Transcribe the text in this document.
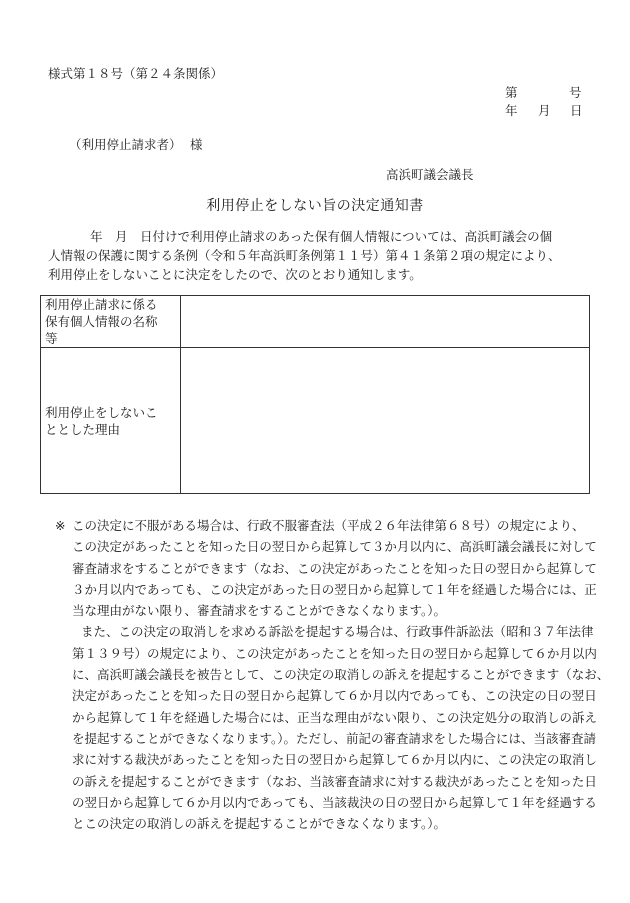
様式第１８号（第２４条関係）
第	号
年 月 日
（利用停止請求者） 様
高浜町議会議長
利用停止をしない旨の決定通知書
年　月　日付けで利用停止請求のあった保有個人情報については、高浜町議会の個
人情報の保護に関する条例（令和５年高浜町条例第１１号）第４１条第２項の規定により、
利用停止をしないことに決定をしたので、次のとおり通知します。
利用停止請求に係る
保有個人情報の名称
等	

利用停止をしないこ
ととした理由	

※ この決定に不服がある場合は、行政不服審査法（平成２６年法律第６８号）の規定により、
この決定があったことを知った日の翌日から起算して３か月以内に、高浜町議会議長に対して
審査請求をすることができます（なお、この決定があったことを知った日の翌日から起算して
３か月以内であっても、この決定があった日の翌日から起算して１年を経過した場合には、正
当な理由がない限り、審査請求をすることができなくなります。）。
また、この決定の取消しを求める訴訟を提起する場合は、行政事件訴訟法（昭和３７年法律
第１３９号）の規定により、この決定があったことを知った日の翌日から起算して６か月以内
に、高浜町議会議長を被告として、この決定の取消しの訴えを提起することができます（なお、
決定があったことを知った日の翌日から起算して６か月以内であっても、この決定の日の翌日
から起算して１年を経過した場合には、正当な理由がない限り、この決定処分の取消しの訴え
を提起することができなくなります。）。ただし、前記の審査請求をした場合には、当該審査請
求に対する裁決があったことを知った日の翌日から起算して６か月以内に、この決定の取消し
の訴えを提起することができます（なお、当該審査請求に対する裁決があったことを知った日
の翌日から起算して６か月以内であっても、当該裁決の日の翌日から起算して１年を経過する
とこの決定の取消しの訴えを提起することができなくなります。）。
